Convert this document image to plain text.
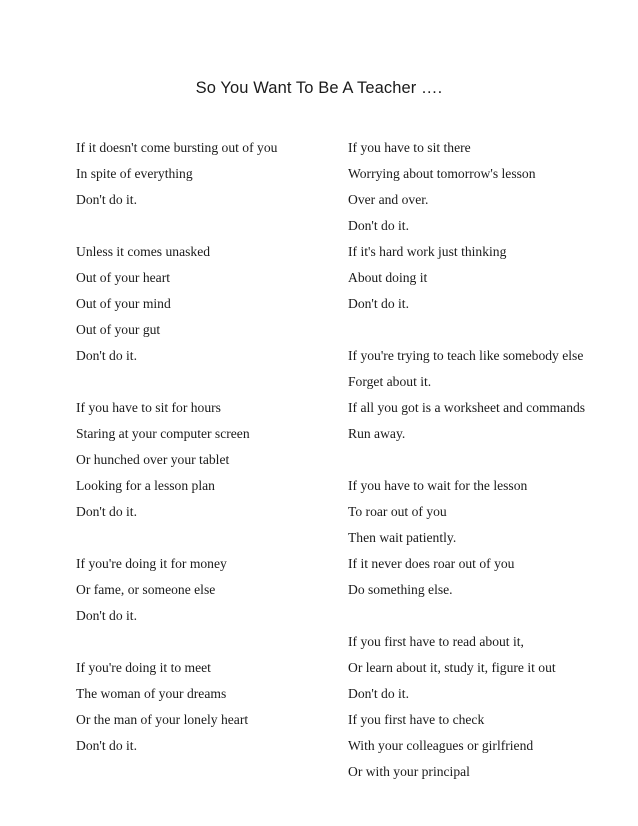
So You Want To Be A Teacher ….
If it doesn't come bursting out of you
In spite of everything
Don't do it.
Unless it comes unasked
Out of your heart
Out of your mind
Out of your gut
Don't do it.
If you have to sit for hours
Staring at your computer screen
Or hunched over your tablet
Looking for a lesson plan
Don't do it.
If you're doing it for money
Or fame, or someone else
Don't do it.
If you're doing it to meet
The woman of your dreams
Or the man of your lonely heart
Don't do it.
If you have to sit there
Worrying about tomorrow's lesson
Over and over.
Don't do it.
If it's hard work just thinking
About doing it
Don't do it.
If you're trying to teach like somebody else
Forget about it.
If all you got is a worksheet and commands
Run away.
If you have to wait for the lesson
To roar out of you
Then wait patiently.
If it never does roar out of you
Do something else.
If you first have to read about it,
Or learn about it, study it, figure it out
Don't do it.
If you first have to check
With your colleagues or girlfriend
Or with your principal
